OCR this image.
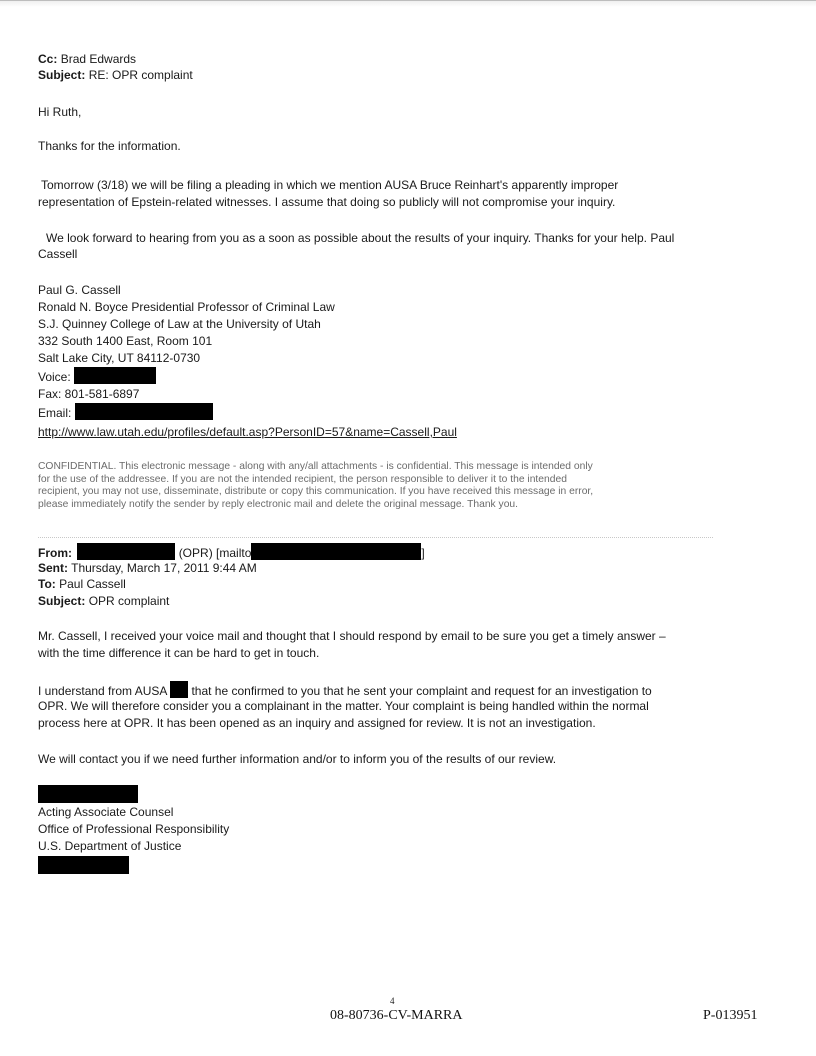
Cc: Brad Edwards
Subject: RE: OPR complaint
Hi Ruth,
Thanks for the information.
Tomorrow (3/18) we will be filing a pleading in which we mention AUSA Bruce Reinhart's apparently improper
representation of Epstein-related witnesses. I assume that doing so publicly will not compromise your inquiry.
We look forward to hearing from you as a soon as possible about the results of your inquiry. Thanks for your help. Paul
Cassell
Paul G. Cassell
Ronald N. Boyce Presidential Professor of Criminal Law
S.J. Quinney College of Law at the University of Utah
332 South 1400 East, Room 101
Salt Lake City, UT 84112-0730
Voice:
Fax: 801-581-6897
Email:
http://www.law.utah.edu/profiles/default.asp?PersonID=57&name=Cassell,Paul
CONFIDENTIAL. This electronic message - along with any/all attachments - is confidential. This message is intended only
for the use of the addressee. If you are not the intended recipient, the person responsible to deliver it to the intended
recipient, you may not use, disseminate, distribute or copy this communication. If you have received this message in error,
please immediately notify the sender by reply electronic mail and delete the original message. Thank you.
From:	(OPR) [mailto	]
Sent: Thursday, March 17, 2011 9:44 AM
To: Paul Cassell
Subject: OPR complaint
Mr. Cassell, I received your voice mail and thought that I should respond by email to be sure you get a timely answer –
with the time difference it can be hard to get in touch.
I understand from AUSA that he confirmed to you that he sent your complaint and request for an investigation to
OPR. We will therefore consider you a complainant in the matter. Your complaint is being handled within the normal
process here at OPR. It has been opened as an inquiry and assigned for review. It is not an investigation.
We will contact you if we need further information and/or to inform you of the results of our review.
Acting Associate Counsel
Office of Professional Responsibility
U.S. Department of Justice
4
08-80736-CV-MARRA	P-013951
